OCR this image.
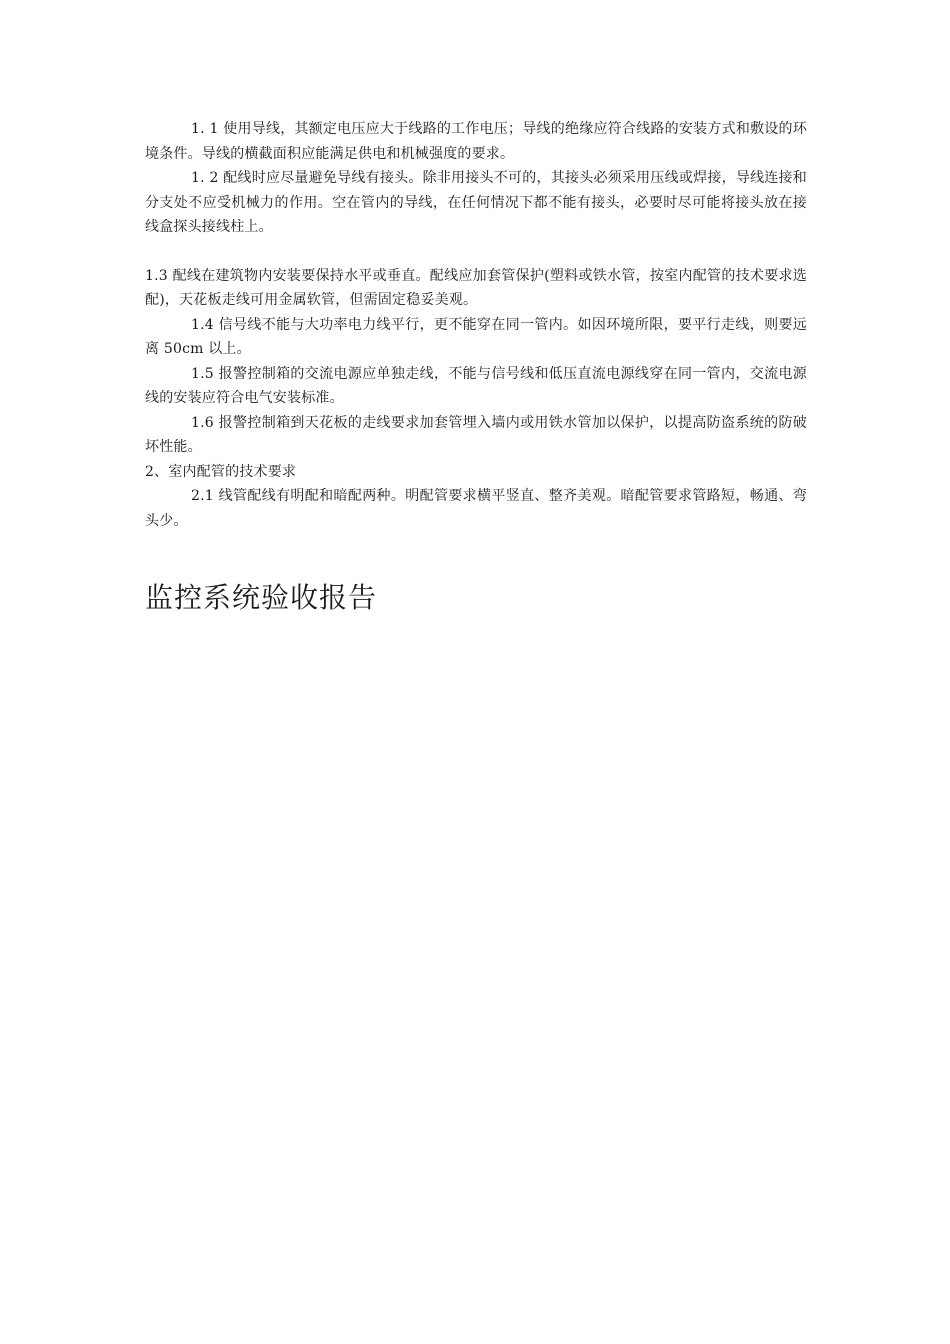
1. 1 使用导线，其额定电压应大于线路的工作电压；导线的绝缘应符合线路的安装方式和敷设的环境条件。导线的横截面积应能满足供电和机械强度的要求。

1. 2 配线时应尽量避免导线有接头。除非用接头不可的，其接头必须采用压线或焊接，导线连接和分支处不应受机械力的作用。空在管内的导线，在任何情况下都不能有接头，必要时尽可能将接头放在接线盒探头接线柱上。

1.3 配线在建筑物内安装要保持水平或垂直。配线应加套管保护(塑料或铁水管，按室内配管的技术要求选配)，天花板走线可用金属软管，但需固定稳妥美观。

1.4 信号线不能与大功率电力线平行，更不能穿在同一管内。如因环境所限，要平行走线，则要远离 50cm 以上。

1.5 报警控制箱的交流电源应单独走线，不能与信号线和低压直流电源线穿在同一管内，交流电源线的安装应符合电气安装标准。

1.6 报警控制箱到天花板的走线要求加套管埋入墙内或用铁水管加以保护，以提高防盗系统的防破坏性能。

2、室内配管的技术要求

2.1 线管配线有明配和暗配两种。明配管要求横平竖直、整齐美观。暗配管要求管路短，畅通、弯头少。

监控系统验收报告
